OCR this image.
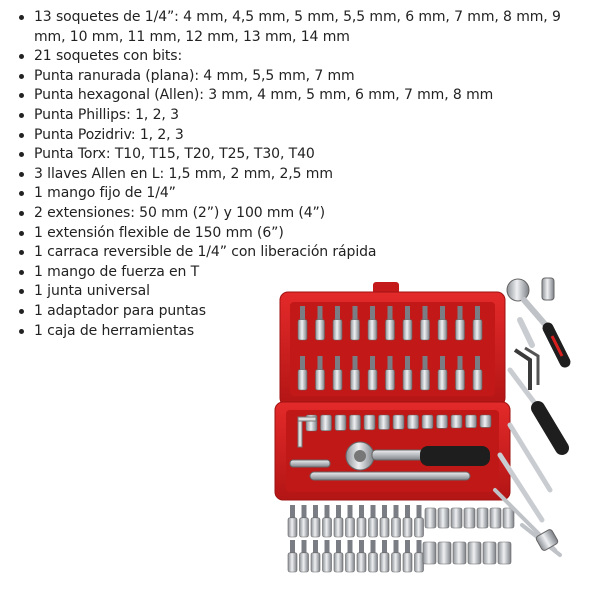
13 soquetes de 1/4”: 4 mm, 4,5 mm, 5 mm, 5,5 mm, 6 mm, 7 mm, 8 mm, 9 mm, 10 mm, 11 mm, 12 mm, 13 mm, 14 mm
21 soquetes con bits:
Punta ranurada (plana): 4 mm, 5,5 mm, 7 mm
Punta hexagonal (Allen): 3 mm, 4 mm, 5 mm, 6 mm, 7 mm, 8 mm
Punta Phillips: 1, 2, 3
Punta Pozidriv: 1, 2, 3
Punta Torx: T10, T15, T20, T25, T30, T40
3 llaves Allen en L: 1,5 mm, 2 mm, 2,5 mm
1 mango fijo de 1/4”
2 extensiones: 50 mm (2”) y 100 mm (4”)
1 extensión flexible de 150 mm (6”)
1 carraca reversible de 1/4” con liberación rápida
1 mango de fuerza en T
1 junta universal
1 adaptador para puntas
1 caja de herramientas
